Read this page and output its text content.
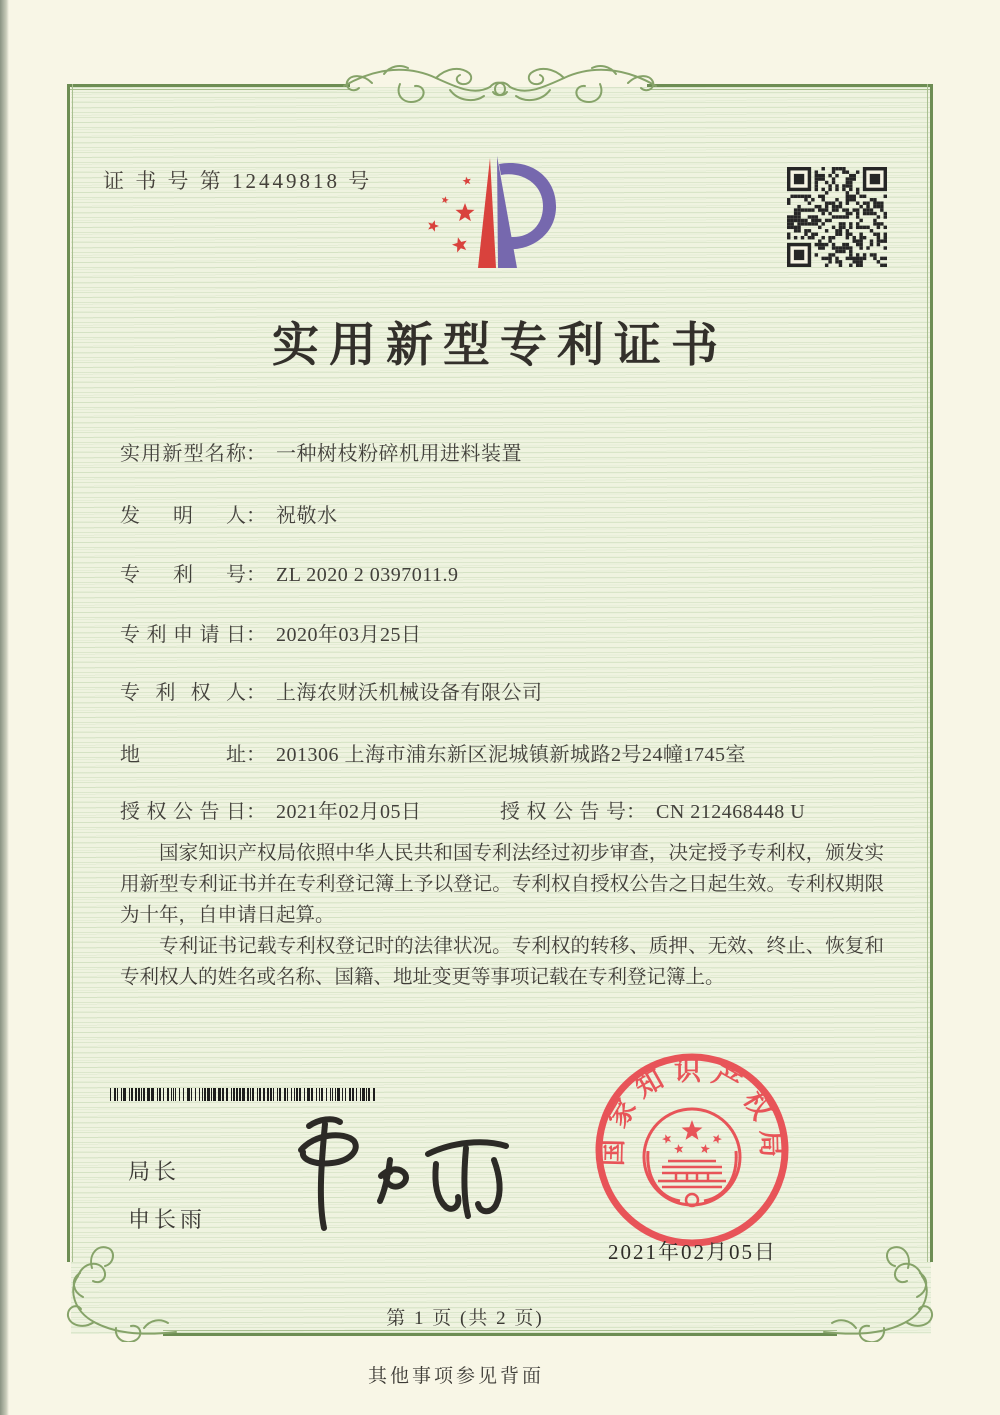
证 书 号 第 12449818 号
实用新型专利证书
实用新型名称： 一种树枝粉碎机用进料装置
发明人： 祝敬水
专利号： ZL 2020 2 0397011.9
专利申请日： 2020年03月25日
专利权人： 上海农财沃机械设备有限公司
地址： 201306 上海市浦东新区泥城镇新城路2号24幢1745室
授权公告日： 2021年02月05日	授权公告号： CN 212468448 U

国家知识产权局依照中华人民共和国专利法经过初步审查，决定授予专利权，颁发实用新型专利证书并在专利登记簿上予以登记。专利权自授权公告之日起生效。专利权期限为十年，自申请日起算。

专利证书记载专利权登记时的法律状况。专利权的转移、质押、无效、终止、恢复和专利权人的姓名或名称、国籍、地址变更等事项记载在专利登记簿上。

局长
申长雨
国家知识产权局
2021年02月05日
第 1 页 (共 2 页)
其他事项参见背面
